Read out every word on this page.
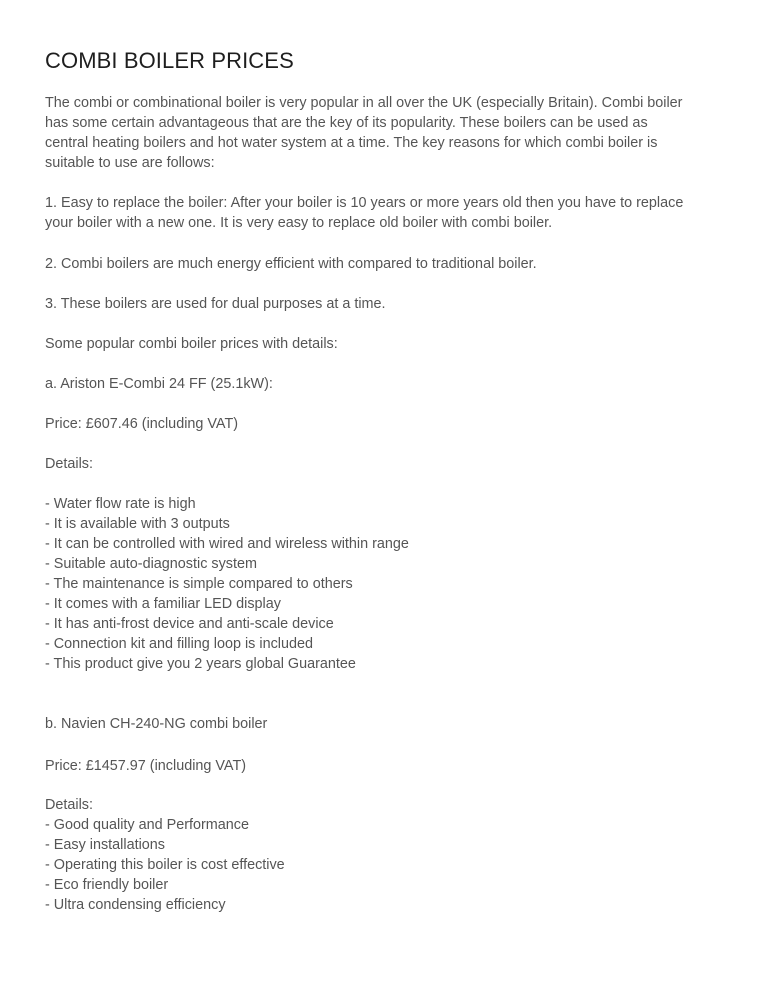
COMBI BOILER PRICES

The combi or combinational boiler is very popular in all over the UK (especially Britain). Combi boiler

has some certain advantageous that are the key of its popularity. These boilers can be used as

central heating boilers and hot water system at a time. The key reasons for which combi boiler is

suitable to use are follows:

1. Easy to replace the boiler: After your boiler is 10 years or more years old then you have to replace

your boiler with a new one. It is very easy to replace old boiler with combi boiler.

2. Combi boilers are much energy efficient with compared to traditional boiler.

3. These boilers are used for dual purposes at a time.

Some popular combi boiler prices with details:

a. Ariston E-Combi 24 FF (25.1kW):

Price: £607.46 (including VAT)

Details:

- Water flow rate is high

- It is available with 3 outputs

- It can be controlled with wired and wireless within range

- Suitable auto-diagnostic system

- The maintenance is simple compared to others

- It comes with a familiar LED display

- It has anti-frost device and anti-scale device

- Connection kit and filling loop is included

- This product give you 2 years global Guarantee

b. Navien CH-240-NG combi boiler

Price: £1457.97 (including VAT)

Details:

- Good quality and Performance

- Easy installations

- Operating this boiler is cost effective

- Eco friendly boiler

- Ultra condensing efficiency
